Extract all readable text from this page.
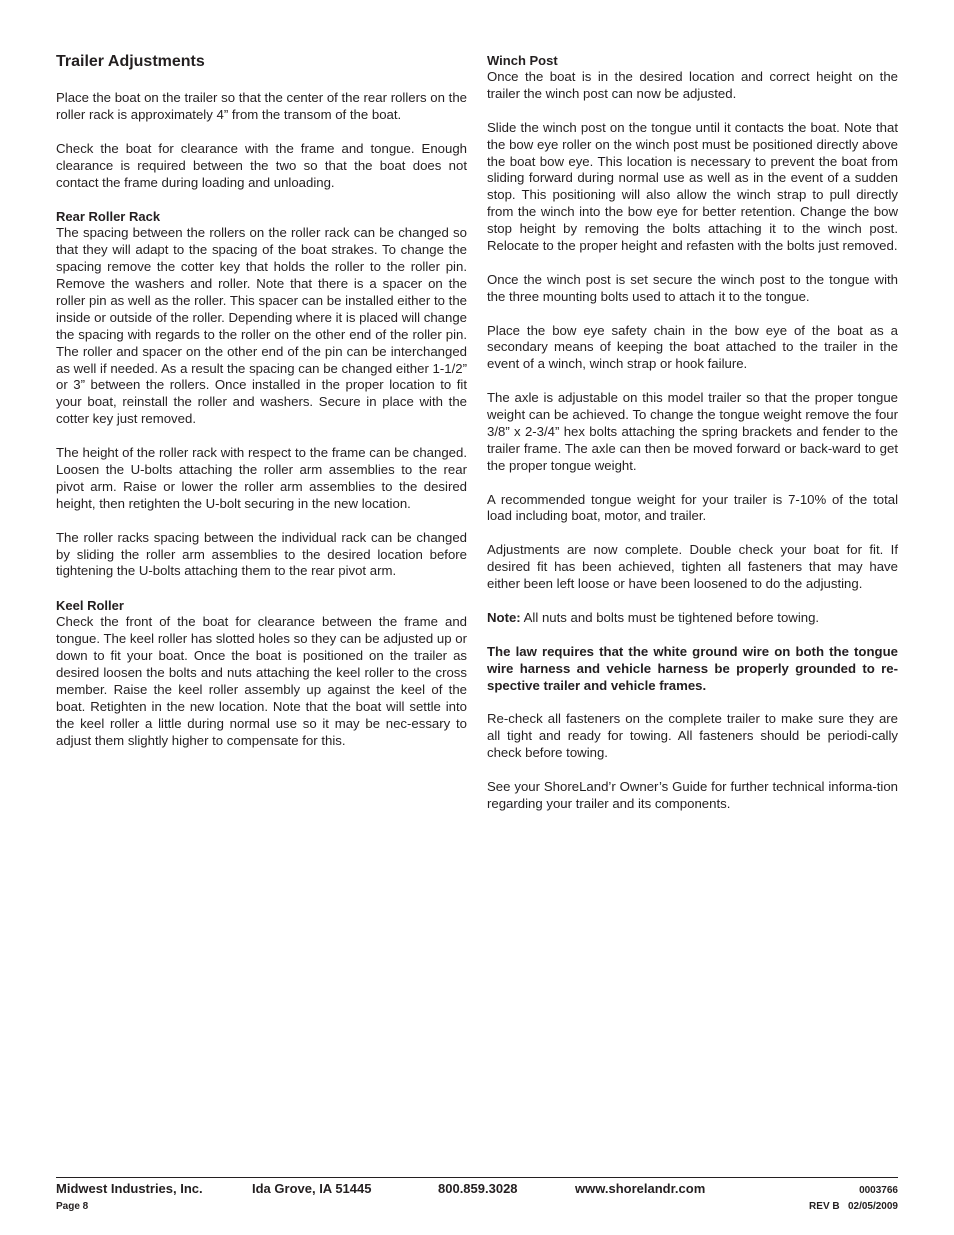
Trailer Adjustments

Place the boat on the trailer so that the center of the rear rollers on the roller rack is approximately 4” from the transom of the boat.

Check the boat for clearance with the frame and tongue. Enough clearance is required between the two so that the boat does not contact the frame during loading and unloading.

Rear Roller Rack

The spacing between the rollers on the roller rack can be changed so that they will adapt to the spacing of the boat strakes. To change the spacing remove the cotter key that holds the roller to the roller pin. Remove the washers and roller. Note that there is a spacer on the roller pin as well as the roller. This spacer can be installed either to the inside or outside of the roller. Depending where it is placed will change the spacing with regards to the roller on the other end of the roller pin. The roller and spacer on the other end of the pin can be interchanged as well if needed. As a result the spacing can be changed either 1-1/2” or 3” between the rollers. Once installed in the proper location to fit your boat, reinstall the roller and washers. Secure in place with the cotter key just removed.

The height of the roller rack with respect to the frame can be changed. Loosen the U-bolts attaching the roller arm assemblies to the rear pivot arm. Raise or lower the roller arm assemblies to the desired height, then retighten the U-bolt securing in the new location.

The roller racks spacing between the individual rack can be changed by sliding the roller arm assemblies to the desired location before tightening the U-bolts attaching them to the rear pivot arm.

Keel Roller

Check the front of the boat for clearance between the frame and tongue. The keel roller has slotted holes so they can be adjusted up or down to fit your boat. Once the boat is positioned on the trailer as desired loosen the bolts and nuts attaching the keel roller to the cross member. Raise the keel roller assembly up against the keel of the boat. Retighten in the new location. Note that the boat will settle into the keel roller a little during normal use so it may be nec-essary to adjust them slightly higher to compensate for this.

Winch Post

Once the boat is in the desired location and correct height on the trailer the winch post can now be adjusted.

Slide the winch post on the tongue until it contacts the boat. Note that the bow eye roller on the winch post must be positioned directly above the boat bow eye. This location is necessary to prevent the boat from sliding forward during normal use as well as in the event of a sudden stop. This positioning will also allow the winch strap to pull directly from the winch into the bow eye for better retention. Change the bow stop height by removing the bolts attaching it to the winch post. Relocate to the proper height and refasten with the bolts just removed.

Once the winch post is set secure the winch post to the tongue with the three mounting bolts used to attach it to the tongue.

Place the bow eye safety chain in the bow eye of the boat as a secondary means of keeping the boat attached to the trailer in the event of a winch, winch strap or hook failure.

The axle is adjustable on this model trailer so that the proper tongue weight can be achieved. To change the tongue weight remove the four 3/8” x 2-3/4” hex bolts attaching the spring brackets and fender to the trailer frame. The axle can then be moved forward or back-ward to get the proper tongue weight.

A recommended tongue weight for your trailer is 7-10% of the total load including boat, motor, and trailer.

Adjustments are now complete. Double check your boat for fit. If desired fit has been achieved, tighten all fasteners that may have either been left loose or have been loosened to do the adjusting.

Note: All nuts and bolts must be tightened before towing.

The law requires that the white ground wire on both the tongue wire harness and vehicle harness be properly grounded to re-spective trailer and vehicle frames.

Re-check all fasteners on the complete trailer to make sure they are all tight and ready for towing. All fasteners should be periodi-cally check before towing.

See your ShoreLand’r Owner’s Guide for further technical informa-tion regarding your trailer and its components.

Midwest Industries, Inc.	Ida Grove, IA 51445	800.859.3028	www.shorelandr.com	0003766
Page 8	REV B   02/05/2009
